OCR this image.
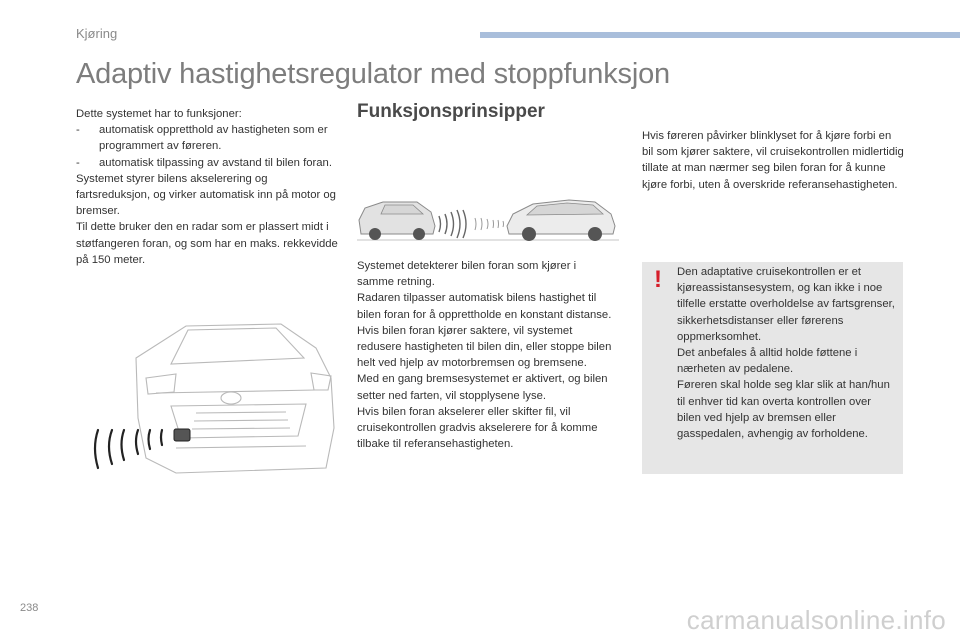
Kjøring
Adaptiv hastighetsregulator med stoppfunksjon

Dette systemet har to funksjoner:

-	automatisk oppretthold av hastigheten som er programmert av føreren.
-	automatisk tilpassing av avstand til bilen foran.

Systemet styrer bilens akselerering og fartsreduksjon, og virker automatisk inn på motor og bremser.

Til dette bruker den en radar som er plassert midt i støtfangeren foran, og som har en maks. rekkevidde på 150 meter.

Funksjonsprinsipper

Systemet detekterer bilen foran som kjører i samme retning.

Radaren tilpasser automatisk bilens hastighet til bilen foran for å opprettholde en konstant distanse.

Hvis bilen foran kjører saktere, vil systemet redusere hastigheten til bilen din, eller stoppe bilen helt ved hjelp av motorbremsen og bremsene.

Med en gang bremsesystemet er aktivert, og bilen setter ned farten, vil stopplysene lyse.

Hvis bilen foran akselerer eller skifter fil, vil cruisekontrollen gradvis akselerere for å komme tilbake til referansehastigheten.

Hvis føreren påvirker blinklyset for å kjøre forbi en bil som kjører saktere, vil cruisekontrollen midlertidig tillate at man nærmer seg bilen foran for å kunne kjøre forbi, uten å overskride referansehastigheten.

! Den adaptative cruisekontrollen er et kjøreassistansesystem, og kan ikke i noe tilfelle erstatte overholdelse av fartsgrenser, sikkerhetsdistanser eller førerens oppmerksomhet.

Det anbefales å alltid holde føttene i nærheten av pedalene.

Føreren skal holde seg klar slik at han/hun til enhver tid kan overta kontrollen over bilen ved hjelp av bremsen eller gasspedalen, avhengig av forholdene.

238	carmanualsonline.info
